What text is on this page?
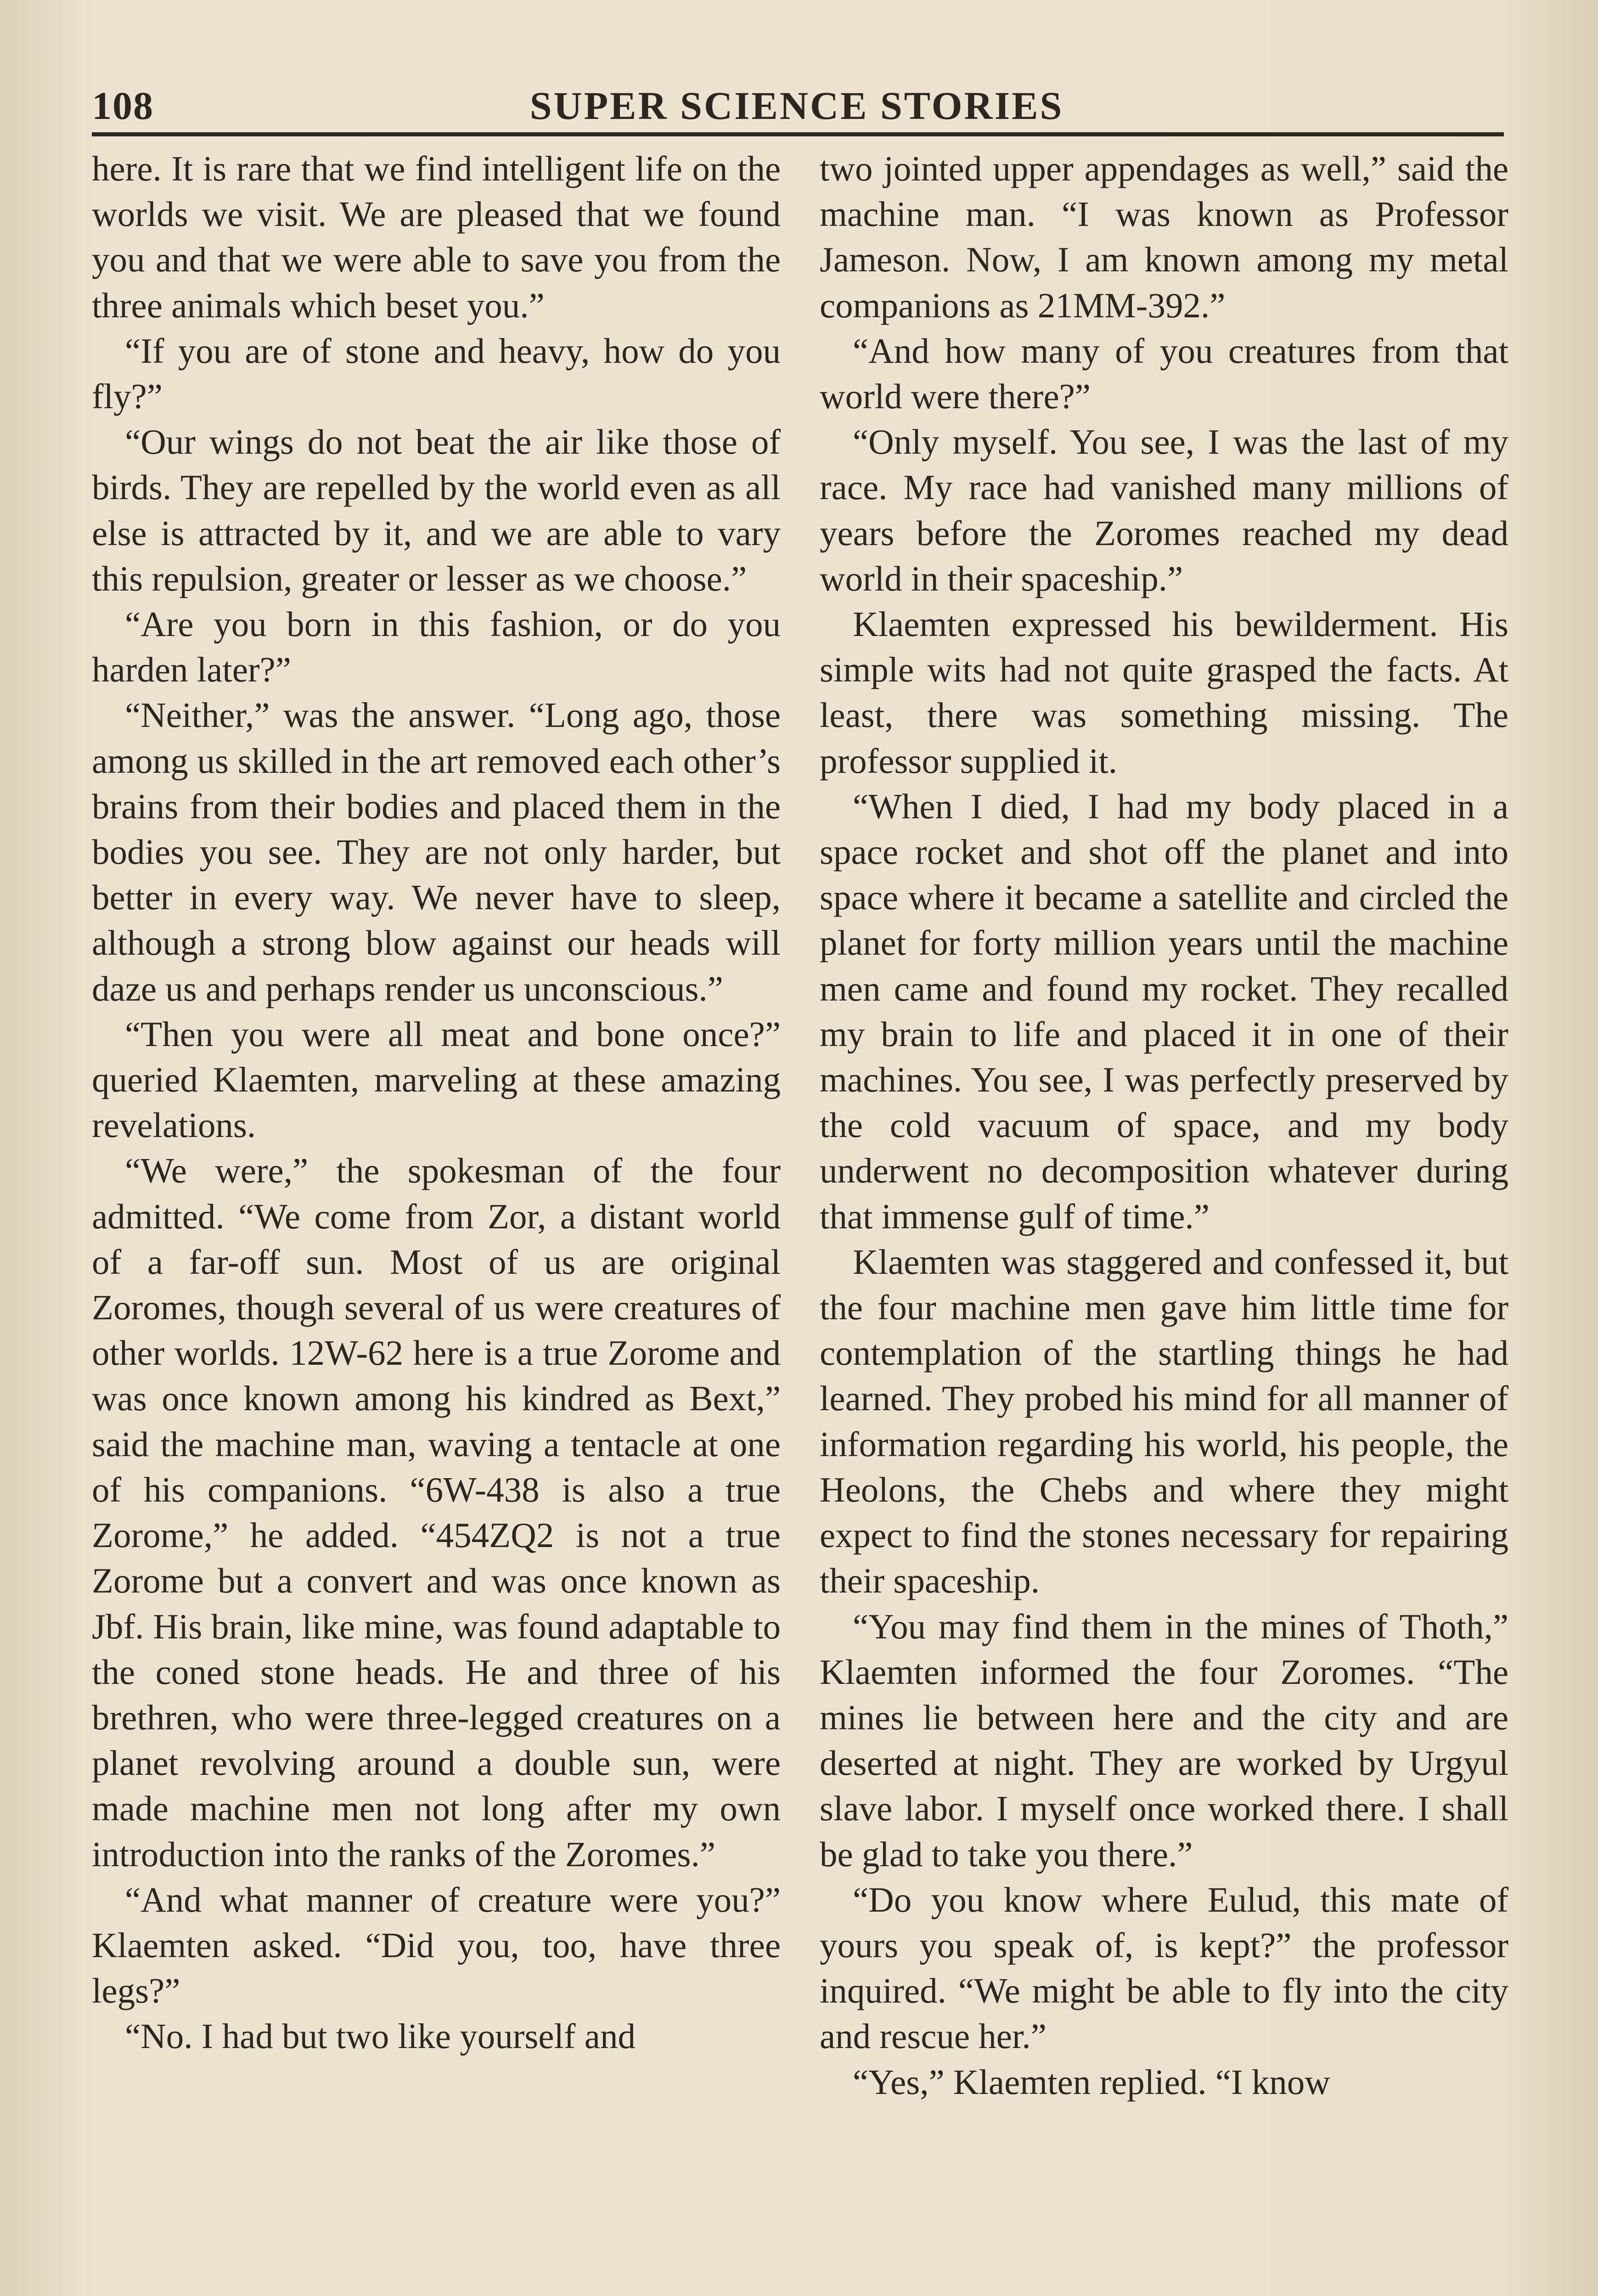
108	SUPER SCIENCE STORIES

here. It is rare that we find intelligent life on the worlds we visit. We are pleased that we found you and that we were able to save you from the three animals which beset you.”

“If you are of stone and heavy, how do you fly?”

“Our wings do not beat the air like those of birds. They are repelled by the world even as all else is attracted by it, and we are able to vary this repulsion, greater or lesser as we choose.”

“Are you born in this fashion, or do you harden later?”

“Neither,” was the answer. “Long ago, those among us skilled in the art removed each other’s brains from their bodies and placed them in the bodies you see. They are not only harder, but better in every way. We never have to sleep, although a strong blow against our heads will daze us and perhaps render us unconscious.”

“Then you were all meat and bone once?” queried Klaemten, marveling at these amazing revelations.

“We were,” the spokesman of the four admitted. “We come from Zor, a distant world of a far-off sun. Most of us are original Zoromes, though several of us were creatures of other worlds. 12W-62 here is a true Zorome and was once known among his kindred as Bext,” said the machine man, waving a tentacle at one of his companions. “6W-438 is also a true Zorome,” he added. “454ZQ2 is not a true Zorome but a convert and was once known as Jbf. His brain, like mine, was found adaptable to the coned stone heads. He and three of his brethren, who were three-legged creatures on a planet revolving around a double sun, were made machine men not long after my own introduction into the ranks of the Zoromes.”

“And what manner of creature were you?” Klaemten asked. “Did you, too, have three legs?”

“No. I had but two like yourself and

two jointed upper appendages as well,” said the machine man. “I was known as Professor Jameson. Now, I am known among my metal companions as 21MM-392.”

“And how many of you creatures from that world were there?”

“Only myself. You see, I was the last of my race. My race had vanished many millions of years before the Zoromes reached my dead world in their spaceship.”

Klaemten expressed his bewilderment. His simple wits had not quite grasped the facts. At least, there was something missing. The professor supplied it.

“When I died, I had my body placed in a space rocket and shot off the planet and into space where it became a satellite and circled the planet for forty million years until the machine men came and found my rocket. They recalled my brain to life and placed it in one of their machines. You see, I was perfectly preserved by the cold vacuum of space, and my body underwent no decomposition whatever during that immense gulf of time.”

Klaemten was staggered and confessed it, but the four machine men gave him little time for contemplation of the startling things he had learned. They probed his mind for all manner of information regarding his world, his people, the Heolons, the Chebs and where they might expect to find the stones necessary for repairing their spaceship.

“You may find them in the mines of Thoth,” Klaemten informed the four Zoromes. “The mines lie between here and the city and are deserted at night. They are worked by Urgyul slave labor. I myself once worked there. I shall be glad to take you there.”

“Do you know where Eulud, this mate of yours you speak of, is kept?” the professor inquired. “We might be able to fly into the city and rescue her.”

“Yes,” Klaemten replied. “I know
